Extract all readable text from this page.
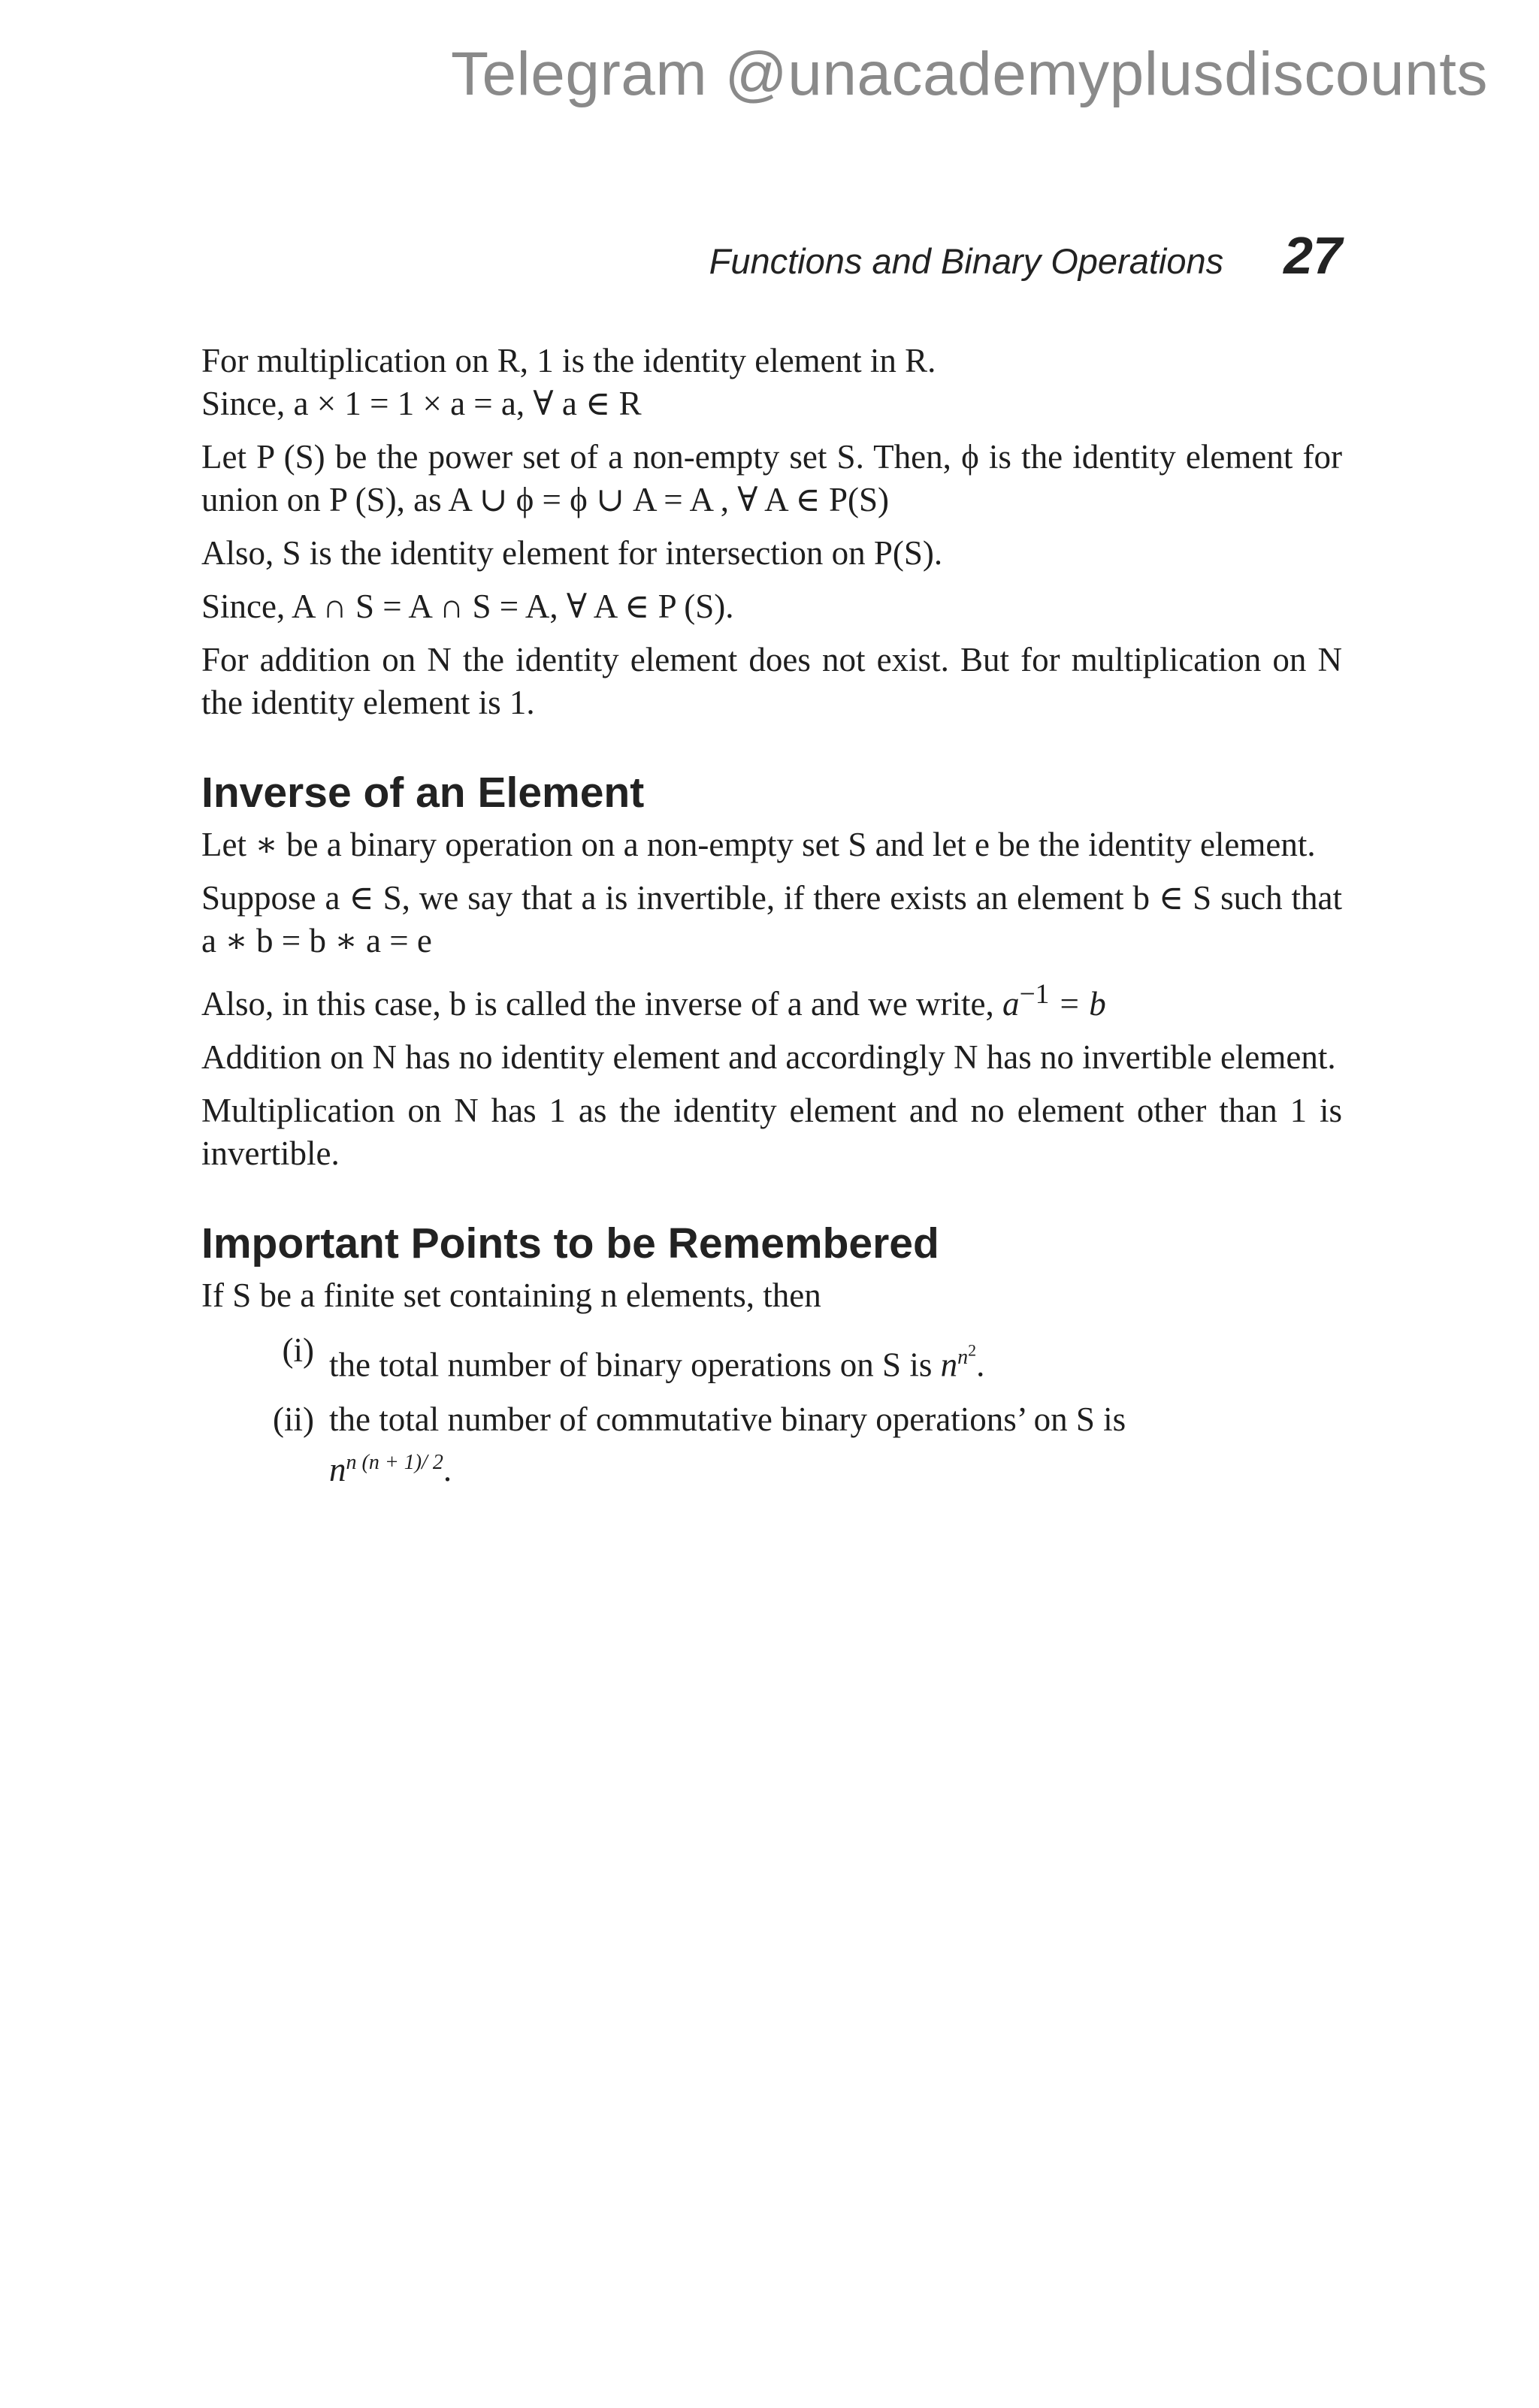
Telegram @unacademyplusdiscounts
Functions and Binary Operations 27

For multiplication on R, 1 is the identity element in R.

Since, a × 1 = 1 × a = a, ∀ a ∈ R

Let P (S) be the power set of a non-empty set S. Then, ϕ is the identity element for union on P (S), as A ∪ ϕ = ϕ ∪ A = A , ∀ A ∈ P(S)

Also, S is the identity element for intersection on P(S).

Since, A ∩ S = A ∩ S = A, ∀ A ∈ P (S).

For addition on N the identity element does not exist. But for multiplication on N the identity element is 1.

Inverse of an Element

Let ∗ be a binary operation on a non-empty set S and let e be the identity element.

Suppose a ∈ S, we say that a is invertible, if there exists an element b ∈ S such that a ∗ b = b ∗ a = e

Also, in this case, b is called the inverse of a and we write, $a^{-1} = b$

Addition on N has no identity element and accordingly N has no invertible element.

Multiplication on N has 1 as the identity element and no element other than 1 is invertible.

Important Points to be Remembered

If S be a finite set containing n elements, then

(i) the total number of binary operations on S is $n^{n^2}$.
(ii) the total number of commutative binary operations’ on S is
$n^{n (n + 1)/ 2}$.
